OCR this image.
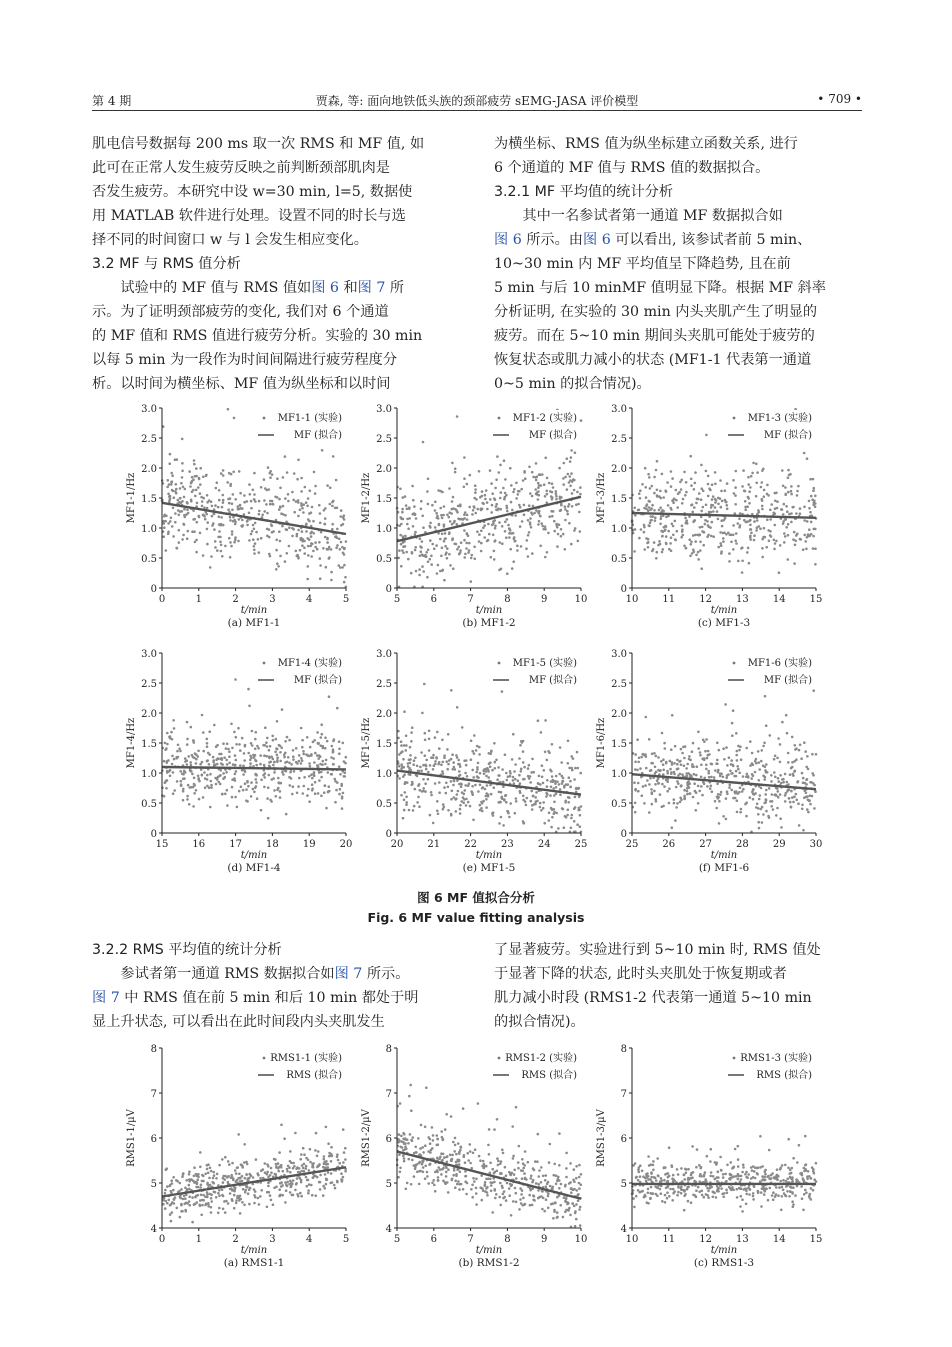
第 4 期	贾森, 等: 面向地铁低头族的颈部疲劳 sEMG-JASA 评价模型	• 709 •

肌电信号数据每 200 ms 取一次 RMS 和 MF 值, 如

此可在正常人发生疲劳反映之前判断颈部肌肉是

否发生疲劳。本研究中设 w=30 min, l=5, 数据使

用 MATLAB 软件进行处理。设置不同的时长与选

择不同的时间窗口 w 与 l 会发生相应变化。

3.2 MF 与 RMS 值分析

试验中的 MF 值与 RMS 值如图 6 和图 7 所

示。为了证明颈部疲劳的变化, 我们对 6 个通道

的 MF 值和 RMS 值进行疲劳分析。实验的 30 min

以每 5 min 为一段作为时间间隔进行疲劳程度分

析。以时间为横坐标、MF 值为纵坐标和以时间

为横坐标、RMS 值为纵坐标建立函数关系, 进行

6 个通道的 MF 值与 RMS 值的数据拟合。

3.2.1 MF 平均值的统计分析

其中一名参试者第一通道 MF 数据拟合如

图 6 所示。由图 6 可以看出, 该参试者前 5 min、

10~30 min 内 MF 平均值呈下降趋势, 且在前

5 min 与后 10 minMF 值明显下降。根据 MF 斜率

分析证明, 在实验的 30 min 内头夹肌产生了明显的

疲劳。而在 5~10 min 期间头夹肌可能处于疲劳的

恢复状态或肌力减小的状态 (MF1-1 代表第一通道

0~5 min 的拟合情况)。

0
0.5
1.0
1.5
2.0
2.5
3.0
0	1	2	3	4	5
t/min
MF1-1/Hz
(a) MF1-1
MF1-1 (实验)
MF (拟合)
0
0.5
1.0
1.5
2.0
2.5
3.0
5	6	7	8	9	10
t/min
MF1-2/Hz
(b) MF1-2
MF1-2 (实验)
MF (拟合)
0
0.5
1.0
1.5
2.0
2.5
3.0
10 11 12 13 14 15
t/min
MF1-3/Hz
(c) MF1-3
MF1-3 (实验)
MF (拟合)
0
0.5
1.0
1.5
2.0
2.5
3.0
15 16 17 18 19 20
t/min
MF1-4/Hz
(d) MF1-4
MF1-4 (实验)
MF (拟合)
0
0.5
1.0
1.5
2.0
2.5
3.0
20 21 22 23 24 25
t/min
MF1-5/Hz
(e) MF1-5
MF1-5 (实验)
MF (拟合)
0
0.5
1.0
1.5
2.0
2.5
3.0
25 26 27 28 29 30
t/min
MF1-6/Hz
(f) MF1-6
MF1-6 (实验)
MF (拟合)
图 6 MF 值拟合分析
Fig. 6 MF value fitting analysis

3.2.2 RMS 平均值的统计分析

参试者第一通道 RMS 数据拟合如图 7 所示。

图 7 中 RMS 值在前 5 min 和后 10 min 都处于明

显上升状态, 可以看出在此时间段内头夹肌发生

了显著疲劳。实验进行到 5~10 min 时, RMS 值处

于显著下降的状态, 此时头夹肌处于恢复期或者

肌力减小时段 (RMS1-2 代表第一通道 5~10 min

的拟合情况)。

4
5
6
7
8
0	1	2	3	4	5
t/min
RMS1-1/μV
(a) RMS1-1
RMS1-1 (实验)
RMS (拟合)
4
5
6
7
8
5	6	7	8	9	10
t/min
RMS1-2/μV
(b) RMS1-2
RMS1-2 (实验)
RMS (拟合)
4
5
6
7
8
10 11 12 13 14 15
t/min
RMS1-3/μV
(c) RMS1-3
RMS1-3 (实验)
RMS (拟合)
